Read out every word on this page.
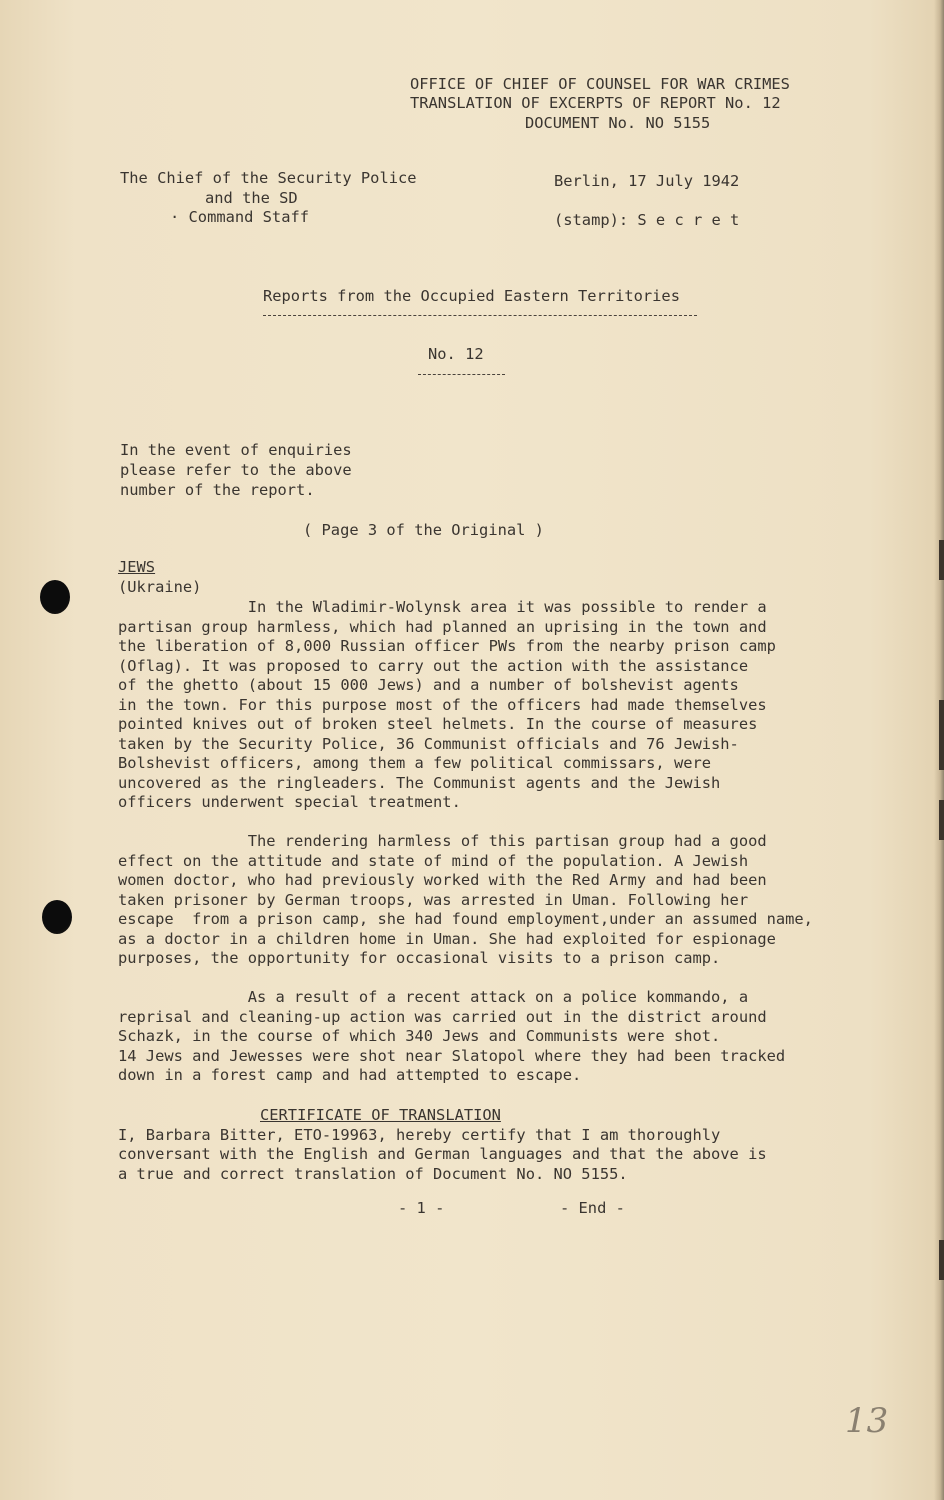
OFFICE OF CHIEF OF COUNSEL FOR WAR CRIMES
TRANSLATION OF EXCERPTS OF REPORT No. 12
DOCUMENT No. NO 5155
The Chief of the Security Police
and the SD
· Command Staff
Berlin, 17 July 1942
(stamp): S e c r e t
Reports from the Occupied Eastern Territories
No. 12
In the event of enquiries
please refer to the above
number of the report.
( Page 3 of the Original )
JEWS
(Ukraine)
In the Wladimir-Wolynsk area it was possible to render a
partisan group harmless, which had planned an uprising in the town and
the liberation of 8,000 Russian officer PWs from the nearby prison camp
(Oflag). It was proposed to carry out the action with the assistance
of the ghetto (about 15 000 Jews) and a number of bolshevist agents
in the town. For this purpose most of the officers had made themselves
pointed knives out of broken steel helmets. In the course of measures
taken by the Security Police, 36 Communist officials and 76 Jewish-
Bolshevist officers, among them a few political commissars, were
uncovered as the ringleaders. The Communist agents and the Jewish
officers underwent special treatment.
The rendering harmless of this partisan group had a good
effect on the attitude and state of mind of the population. A Jewish
women doctor, who had previously worked with the Red Army and had been
taken prisoner by German troops, was arrested in Uman. Following her
escape  from a prison camp, she had found employment,under an assumed name,
as a doctor in a children home in Uman. She had exploited for espionage
purposes, the opportunity for occasional visits to a prison camp.
As a result of a recent attack on a police kommando, a
reprisal and cleaning-up action was carried out in the district around
Schazk, in the course of which 340 Jews and Communists were shot.
14 Jews and Jewesses were shot near Slatopol where they had been tracked
down in a forest camp and had attempted to escape.
CERTIFICATE OF TRANSLATION
I, Barbara Bitter, ETO-19963, hereby certify that I am thoroughly
conversant with the English and German languages and that the above is
a true and correct translation of Document No. NO 5155.
- 1 -	- End -
13
